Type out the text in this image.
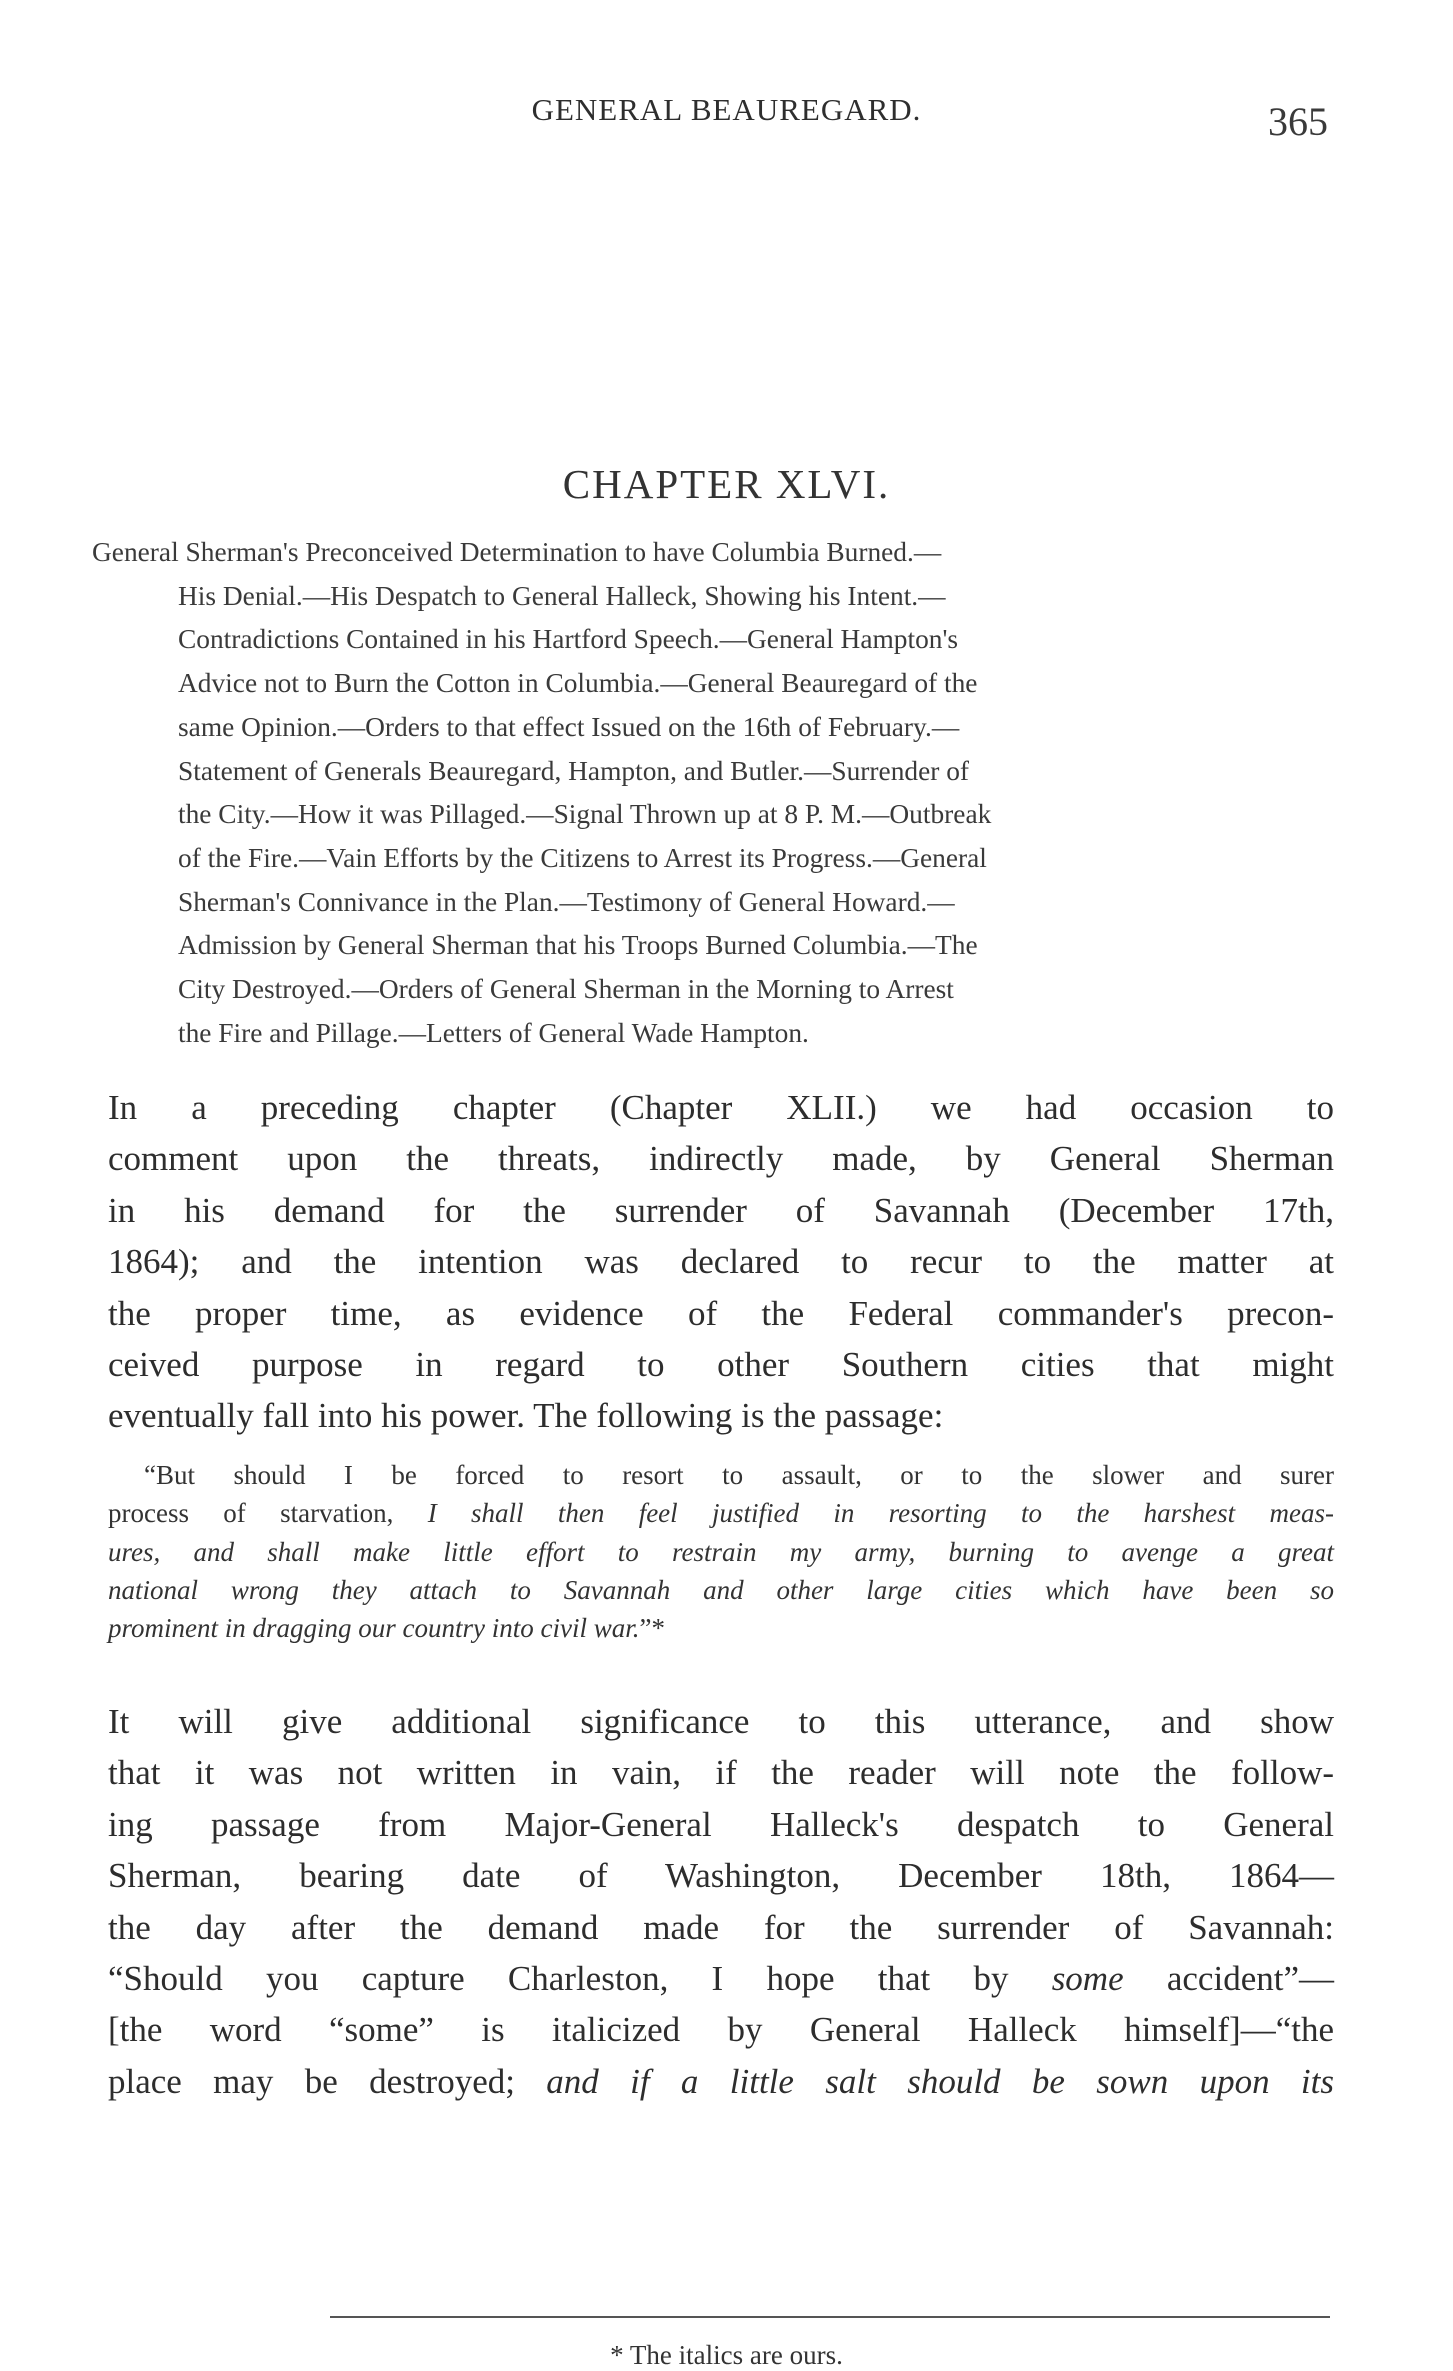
GENERAL BEAUREGARD.	365
CHAPTER XLVI.
General Sherman's Preconceived Determination to have Columbia Burned.—
His Denial.—His Despatch to General Halleck, Showing his Intent.—
Contradictions Contained in his Hartford Speech.—General Hampton's
Advice not to Burn the Cotton in Columbia.—General Beauregard of the
same Opinion.—Orders to that effect Issued on the 16th of February.—
Statement of Generals Beauregard, Hampton, and Butler.—Surrender of
the City.—How it was Pillaged.—Signal Thrown up at 8 P. M.—Outbreak
of the Fire.—Vain Efforts by the Citizens to Arrest its Progress.—General
Sherman's Connivance in the Plan.—Testimony of General Howard.—
Admission by General Sherman that his Troops Burned Columbia.—The
City Destroyed.—Orders of General Sherman in the Morning to Arrest
the Fire and Pillage.—Letters of General Wade Hampton.
In a preceding chapter (Chapter XLII.) we had occasion to
comment upon the threats, indirectly made, by General Sherman
in his demand for the surrender of Savannah (December 17th,
1864); and the intention was declared to recur to the matter at
the proper time, as evidence of the Federal commander's precon-
ceived purpose in regard to other Southern cities that might
eventually fall into his power. The following is the passage:
“But should I be forced to resort to assault, or to the slower and surer
process of starvation, I shall then feel justified in resorting to the harshest meas-
ures, and shall make little effort to restrain my army, burning to avenge a great
national wrong they attach to Savannah and other large cities which have been so
prominent in dragging our country into civil war.”*
It will give additional significance to this utterance, and show
that it was not written in vain, if the reader will note the follow-
ing passage from Major-General Halleck's despatch to General
Sherman, bearing date of Washington, December 18th, 1864—
the day after the demand made for the surrender of Savannah:
“Should you capture Charleston, I hope that by some accident”—
[the word “some” is italicized by General Halleck himself]—“the
place may be destroyed; and if a little salt should be sown upon its
* The italics are ours.
